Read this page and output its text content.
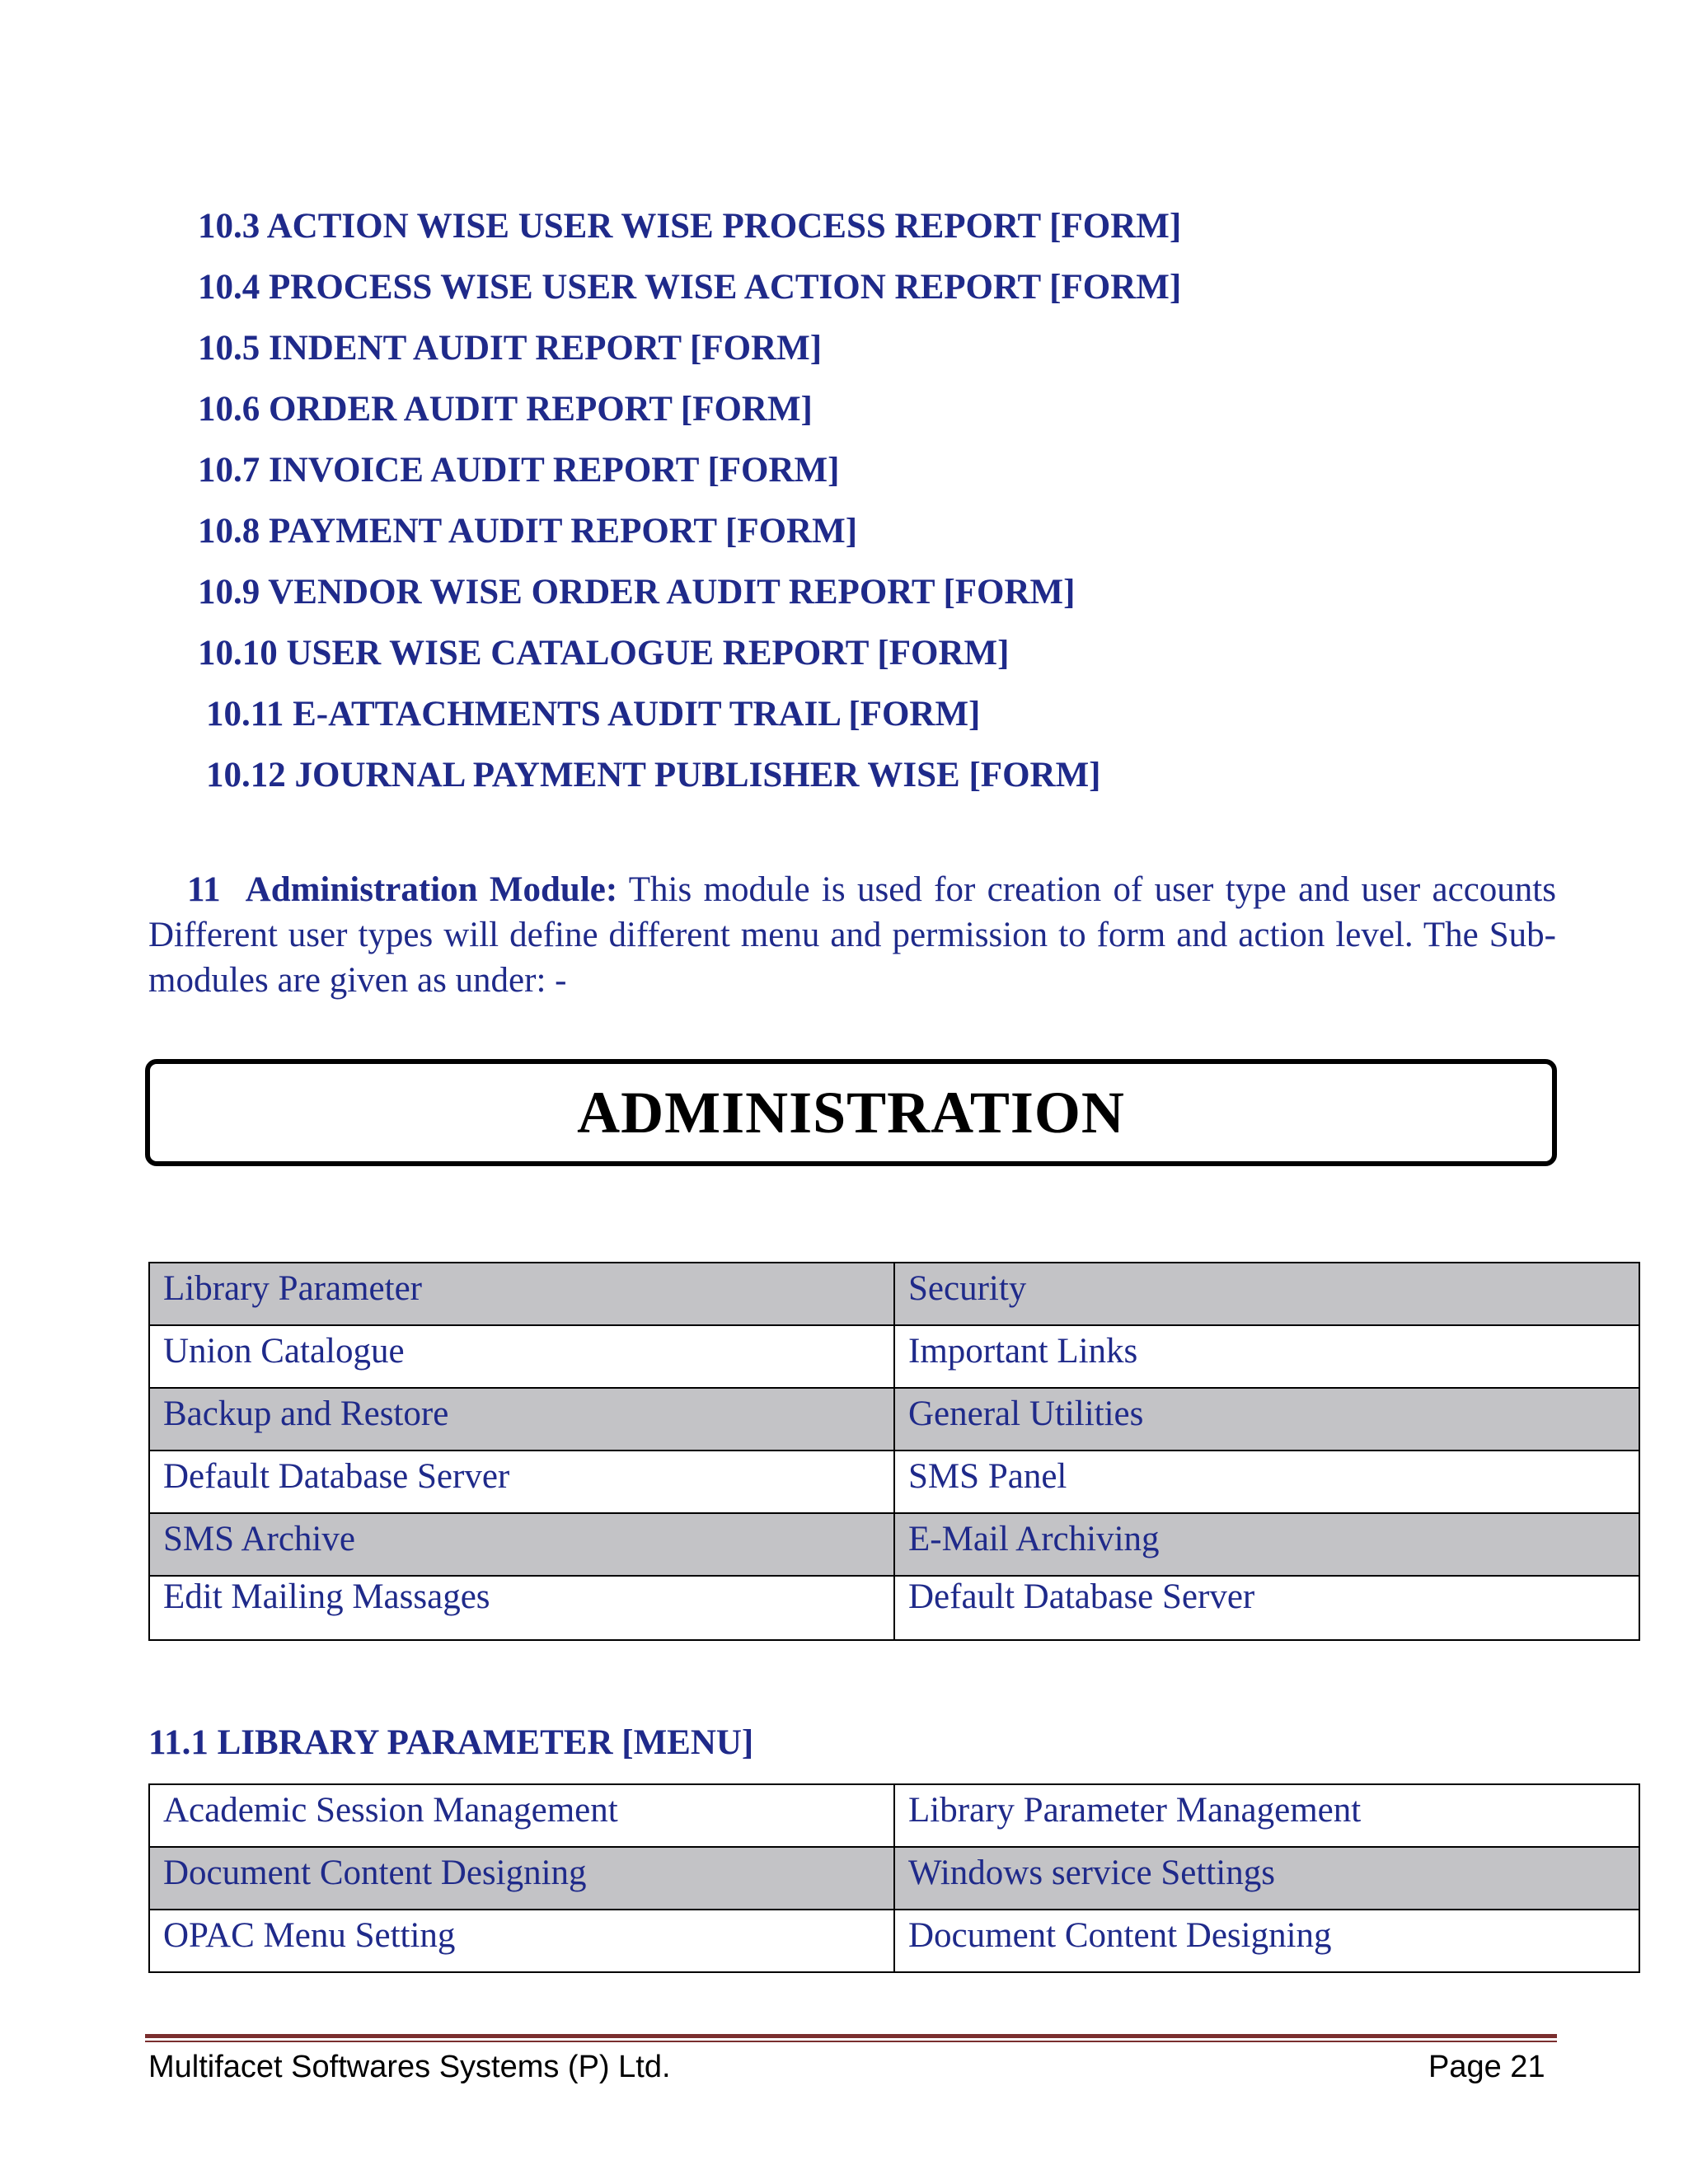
10.3 ACTION WISE USER WISE PROCESS REPORT [FORM]
10.4 PROCESS WISE USER WISE ACTION REPORT [FORM]
10.5 INDENT AUDIT REPORT [FORM]
10.6 ORDER AUDIT REPORT [FORM]
10.7 INVOICE AUDIT REPORT [FORM]
10.8 PAYMENT AUDIT REPORT [FORM]
10.9 VENDOR WISE ORDER AUDIT REPORT [FORM]
10.10 USER WISE CATALOGUE REPORT [FORM]
10.11 E-ATTACHMENTS AUDIT TRAIL [FORM]
10.12 JOURNAL PAYMENT PUBLISHER WISE [FORM]
11 Administration Module: This module is used for creation of user type and user accounts Different user types will define different menu and permission to form and action level. The Sub-modules are given as under: -
ADMINISTRATION
Library Parameter	Security
Union Catalogue	Important Links
Backup and Restore	General Utilities
Default Database Server	SMS Panel
SMS Archive	E-Mail Archiving
Edit Mailing Massages	Default Database Server
11.1 LIBRARY PARAMETER [MENU]
Academic Session Management	Library Parameter Management
Document Content Designing	Windows service Settings
OPAC Menu Setting	Document Content Designing
Multifacet Softwares Systems (P) Ltd.	Page 21
